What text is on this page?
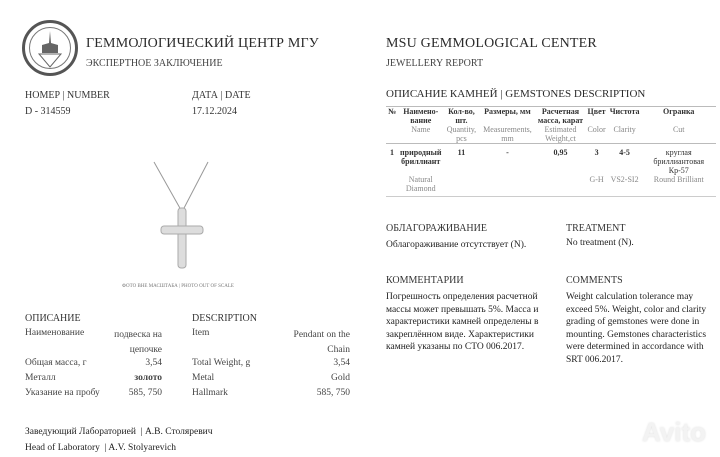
ГЕММОЛОГИЧЕСКИЙ ЦЕНТР МГУ
ЭКСПЕРТНОЕ ЗАКЛЮЧЕНИЕ
MSU GEMMOLOGICAL CENTER
JEWELLERY REPORT
НОМЕР | NUMBER
D - 314559
ДАТА | DATE
17.12.2024
ФОТО ВНЕ МАСШТАБА | PHOTO OUT OF SCALE
ОПИСАНИЕ	DESCRIPTION
Наименование	подвеска на цепочке
Item	Pendant on the Chain
Общая масса, г	3,54	Total Weight, g	3,54
Металл	золото	Metal	Gold
Указание на пробу	585, 750	Hallmark	585, 750
Заведующий Лабораторией  | А.В. Столяревич
Head of Laboratory  | A.V. Stolyarevich
ОПИСАНИЕ КАМНЕЙ | GEMSTONES DESCRIPTION
№	Наимено-вание	Кол-во, шт.	Размеры, мм	Расчетная масса, карат	Цвет	Чистота	Огранка
	Name	Quantity, pcs	Measurements, mm	Estimated Weight,ct	Color	Clarity	Cut
1	природный бриллиант	11	-	0,95	3	4-5	круглая бриллиантовая Кр-57
	Natural Diamond				G-H	VS2-SI2	Round Brilliant
ОБЛАГОРАЖИВАНИЕ
Облагораживание отсутствует (N).
TREATMENT
No treatment (N).
КОММЕНТАРИИ
Погрешность определения расчетной массы может превышать 5%. Масса и характеристики камней определены в закреплённом виде. Характеристики камней указаны по СТО 006.2017.
COMMENTS
Weight calculation tolerance may exceed 5%. Weight, color and clarity grading of gemstones were done in mounting. Gemstones characteristics were determined in accordance with SRT 006.2017.
Avito
